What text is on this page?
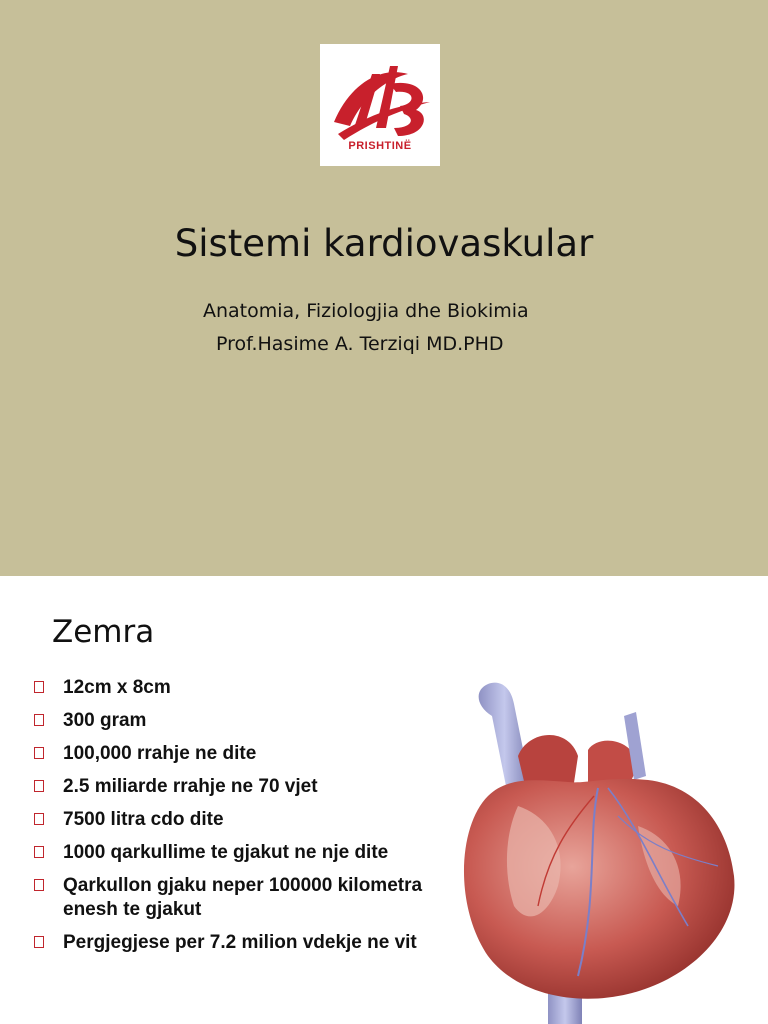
PRISHTINË
Sistemi kardiovaskular
Anatomia, Fiziologjia dhe Biokimia
Prof.Hasime A. Terziqi MD.PHD
Zemra
12cm x 8cm
300 gram
100,000 rrahje ne dite
2.5 miliarde rrahje ne 70 vjet
7500 litra cdo dite
1000 qarkullime te gjakut ne nje dite
Qarkullon gjaku neper 100000 kilometra enesh te gjakut
Pergjegjese per 7.2 milion vdekje ne vit
